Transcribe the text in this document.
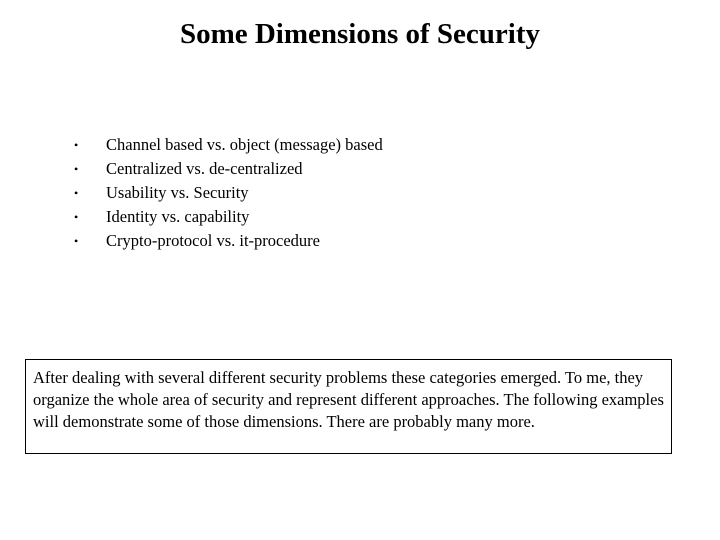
Some Dimensions of Security
•	Channel based vs. object (message) based
•	Centralized vs. de-centralized
•	Usability vs. Security
•	Identity vs. capability
•	Crypto-protocol vs. it-procedure
After dealing with several different security problems these categories emerged. To me, they organize the whole area of security and represent different approaches. The following examples will demonstrate some of those dimensions. There are probably many more.
